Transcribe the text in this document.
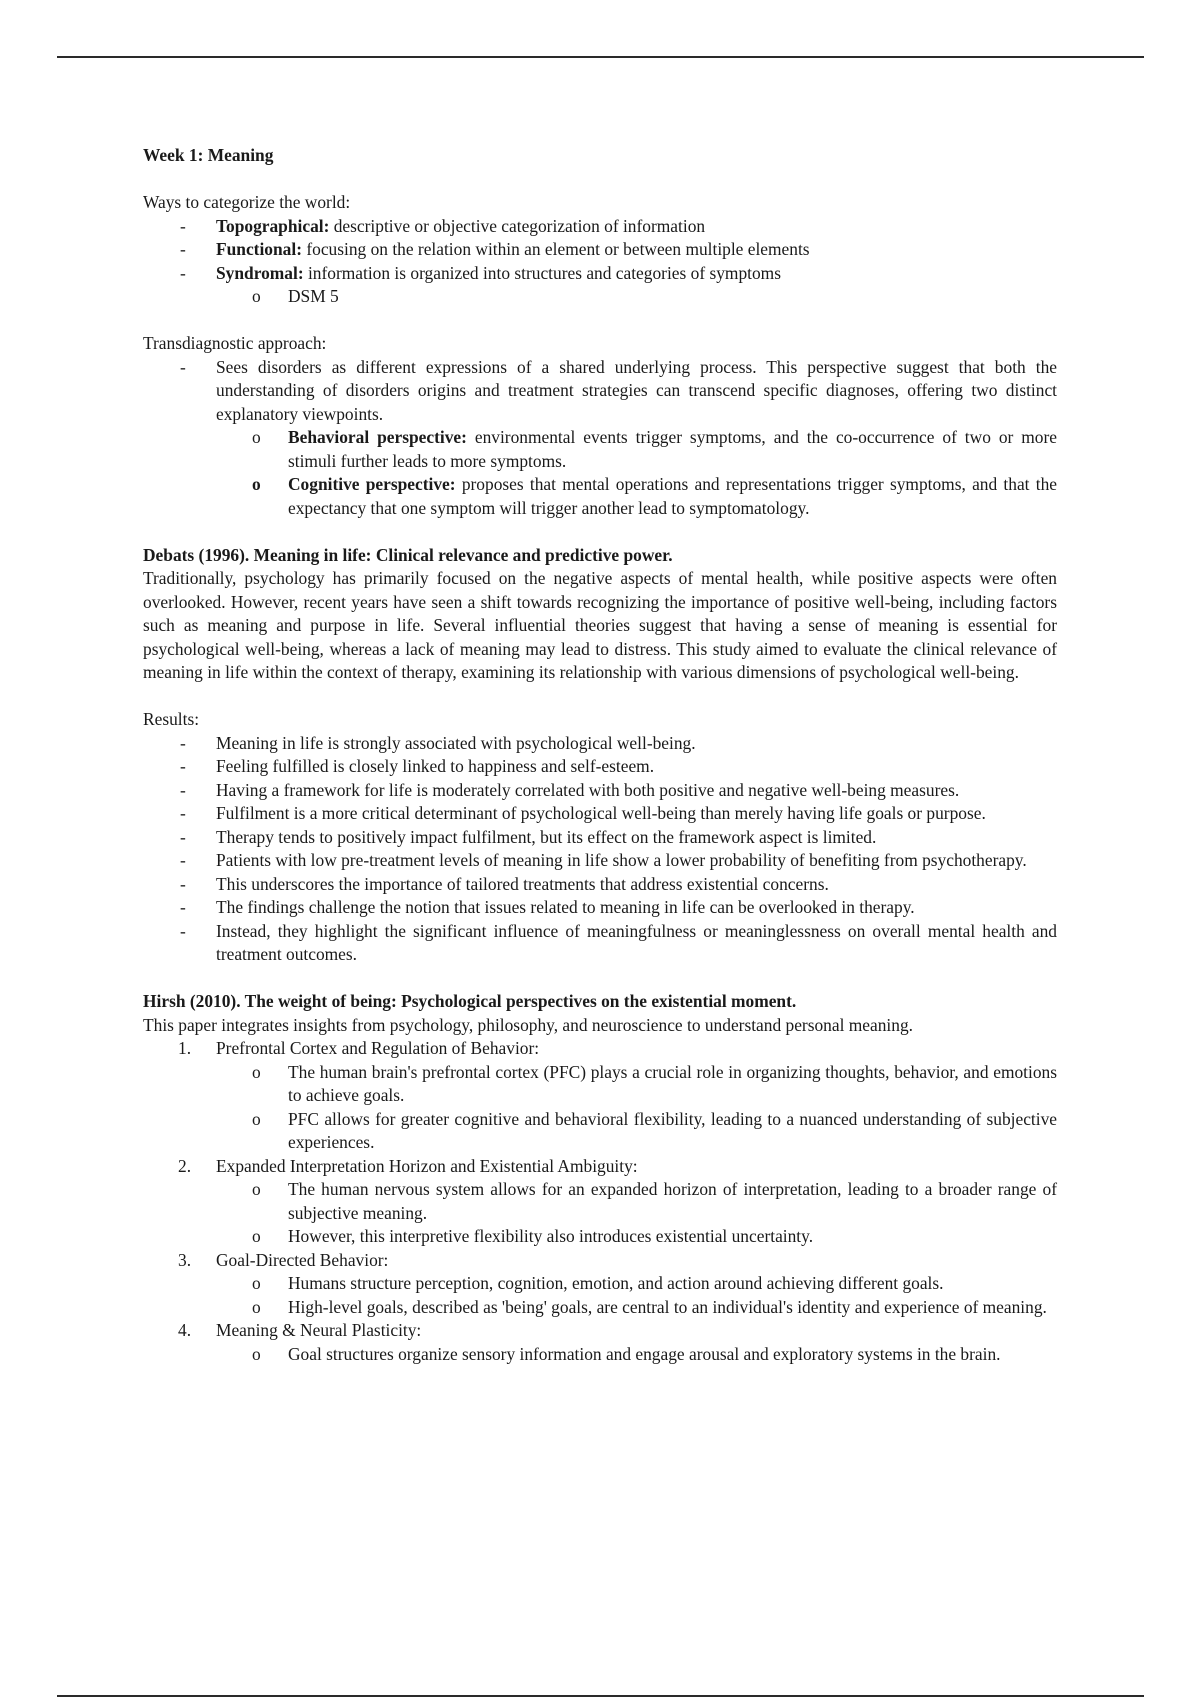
Week 1: Meaning

Ways to categorize the world:

- Topographical: descriptive or objective categorization of information
- Functional: focusing on the relation within an element or between multiple elements
- Syndromal: information is organized into structures and categories of symptoms
o DSM 5

Transdiagnostic approach:

- Sees disorders as different expressions of a shared underlying process. This perspective suggest that both the understanding of disorders origins and treatment strategies can transcend specific diagnoses, offering two distinct explanatory viewpoints.
o Behavioral perspective: environmental events trigger symptoms, and the co-occurrence of two or more stimuli further leads to more symptoms.
o Cognitive perspective: proposes that mental operations and representations trigger symptoms, and that the expectancy that one symptom will trigger another lead to symptomatology.

Debats (1996). Meaning in life: Clinical relevance and predictive power.

Traditionally, psychology has primarily focused on the negative aspects of mental health, while positive aspects were often overlooked. However, recent years have seen a shift towards recognizing the importance of positive well-being, including factors such as meaning and purpose in life. Several influential theories suggest that having a sense of meaning is essential for psychological well-being, whereas a lack of meaning may lead to distress. This study aimed to evaluate the clinical relevance of meaning in life within the context of therapy, examining its relationship with various dimensions of psychological well-being.

Results:

- Meaning in life is strongly associated with psychological well-being.
- Feeling fulfilled is closely linked to happiness and self-esteem.
- Having a framework for life is moderately correlated with both positive and negative well-being measures.
- Fulfilment is a more critical determinant of psychological well-being than merely having life goals or purpose.
- Therapy tends to positively impact fulfilment, but its effect on the framework aspect is limited.
- Patients with low pre-treatment levels of meaning in life show a lower probability of benefiting from psychotherapy.
- This underscores the importance of tailored treatments that address existential concerns.
- The findings challenge the notion that issues related to meaning in life can be overlooked in therapy.
- Instead, they highlight the significant influence of meaningfulness or meaninglessness on overall mental health and treatment outcomes.

Hirsh (2010). The weight of being: Psychological perspectives on the existential moment.

This paper integrates insights from psychology, philosophy, and neuroscience to understand personal meaning.

1. Prefrontal Cortex and Regulation of Behavior:
o The human brain's prefrontal cortex (PFC) plays a crucial role in organizing thoughts, behavior, and emotions to achieve goals.
o PFC allows for greater cognitive and behavioral flexibility, leading to a nuanced understanding of subjective experiences.
2. Expanded Interpretation Horizon and Existential Ambiguity:
o The human nervous system allows for an expanded horizon of interpretation, leading to a broader range of subjective meaning.
o However, this interpretive flexibility also introduces existential uncertainty.
3. Goal-Directed Behavior:
o Humans structure perception, cognition, emotion, and action around achieving different goals.
o High-level goals, described as 'being' goals, are central to an individual's identity and experience of meaning.
4. Meaning & Neural Plasticity:
o Goal structures organize sensory information and engage arousal and exploratory systems in the brain.
